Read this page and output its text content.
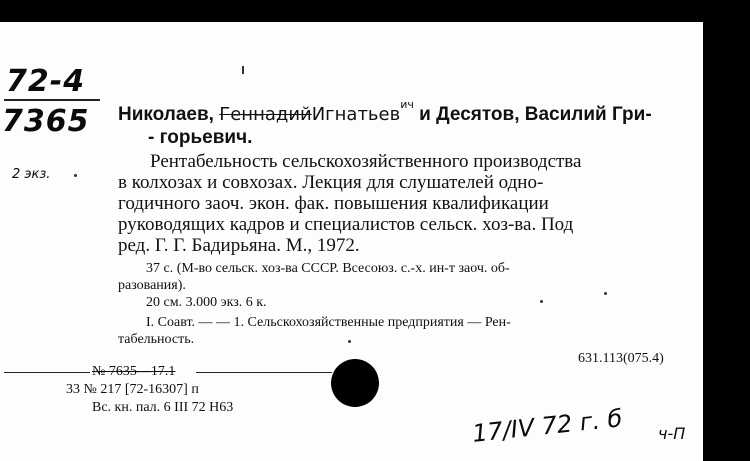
72-4
7365
2 экз.
Николаев, ГеннадийИгнатьев$^{ич}$ и Десятов, Василий Гри-
- горьевич.
Рентабельность сельскохозяйственного производства
в колхозах и совхозах. Лекция для слушателей одно-
годичного заоч. экон. фак. повышения квалификации
руководящих кадров и специалистов сельск. хоз-ва. Под
ред. Г. Г. Бадирьяна. М., 1972.
37 с. (М-во сельск. хоз-ва СССР. Всесоюз. с.-х. ин-т заоч. об-
разования).
20 см. 3.000 экз. 6 к.
I. Соавт. — — 1. Сельскохозяйственные предприятия — Рен-
табельность.
631.113(075.4)
№ 7635—17.1
33 № 217 [72-16307] п
Вс. кн. пал. 6 III 72 Н63	17/IV 72 г. б ч-П
